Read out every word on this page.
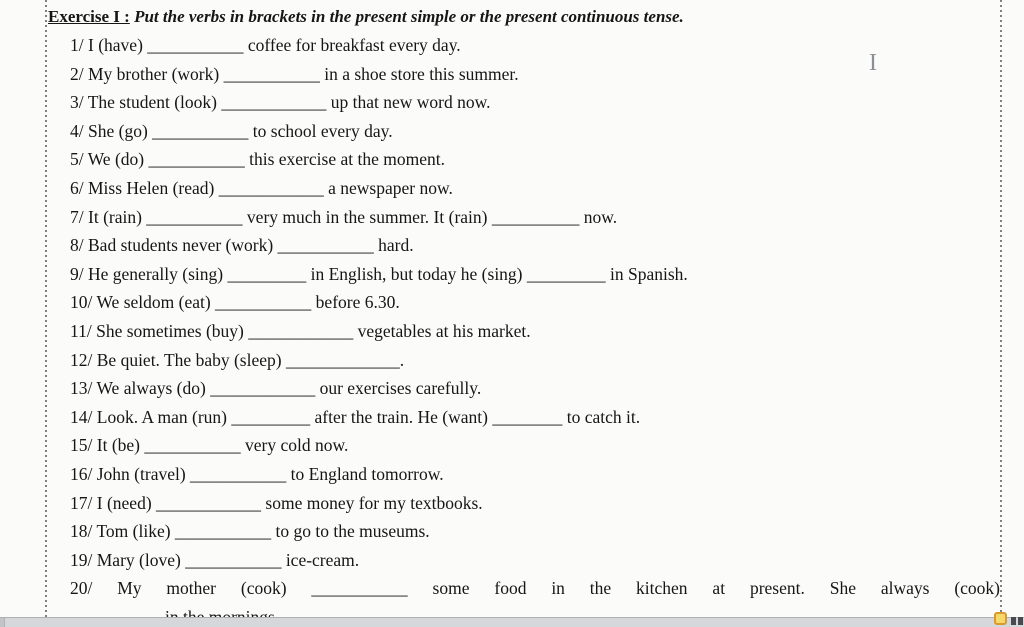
Exercise I : Put the verbs in brackets in the present simple or the present continuous tense.
1/ I (have) ___________ coffee for breakfast every day.
2/ My brother (work) ___________ in a shoe store this summer.
3/ The student (look) ____________ up that new word now.
4/ She (go) ___________ to school every day.
5/ We (do) ___________ this exercise at the moment.
6/ Miss Helen (read) ____________ a newspaper now.
7/ It (rain) ___________ very much in the summer. It (rain) __________ now.
8/ Bad students never (work) ___________ hard.
9/ He generally (sing) _________ in English, but today he (sing) _________ in Spanish.
10/ We seldom (eat) ___________ before 6.30.
11/ She sometimes (buy) ____________ vegetables at his market.
12/ Be quiet. The baby (sleep) _____________.
13/ We always (do) ____________ our exercises carefully.
14/ Look. A man (run) _________ after the train. He (want) ________ to catch it.
15/ It (be) ___________ very cold now.
16/ John (travel) ___________ to England tomorrow.
17/ I (need) ____________ some money for my textbooks.
18/ Tom (like) ___________ to go to the museums.
19/ Mary (love) ___________ ice-cream.
20/ My mother (cook) ___________ some food in the kitchen at present. She always (cook)
I
